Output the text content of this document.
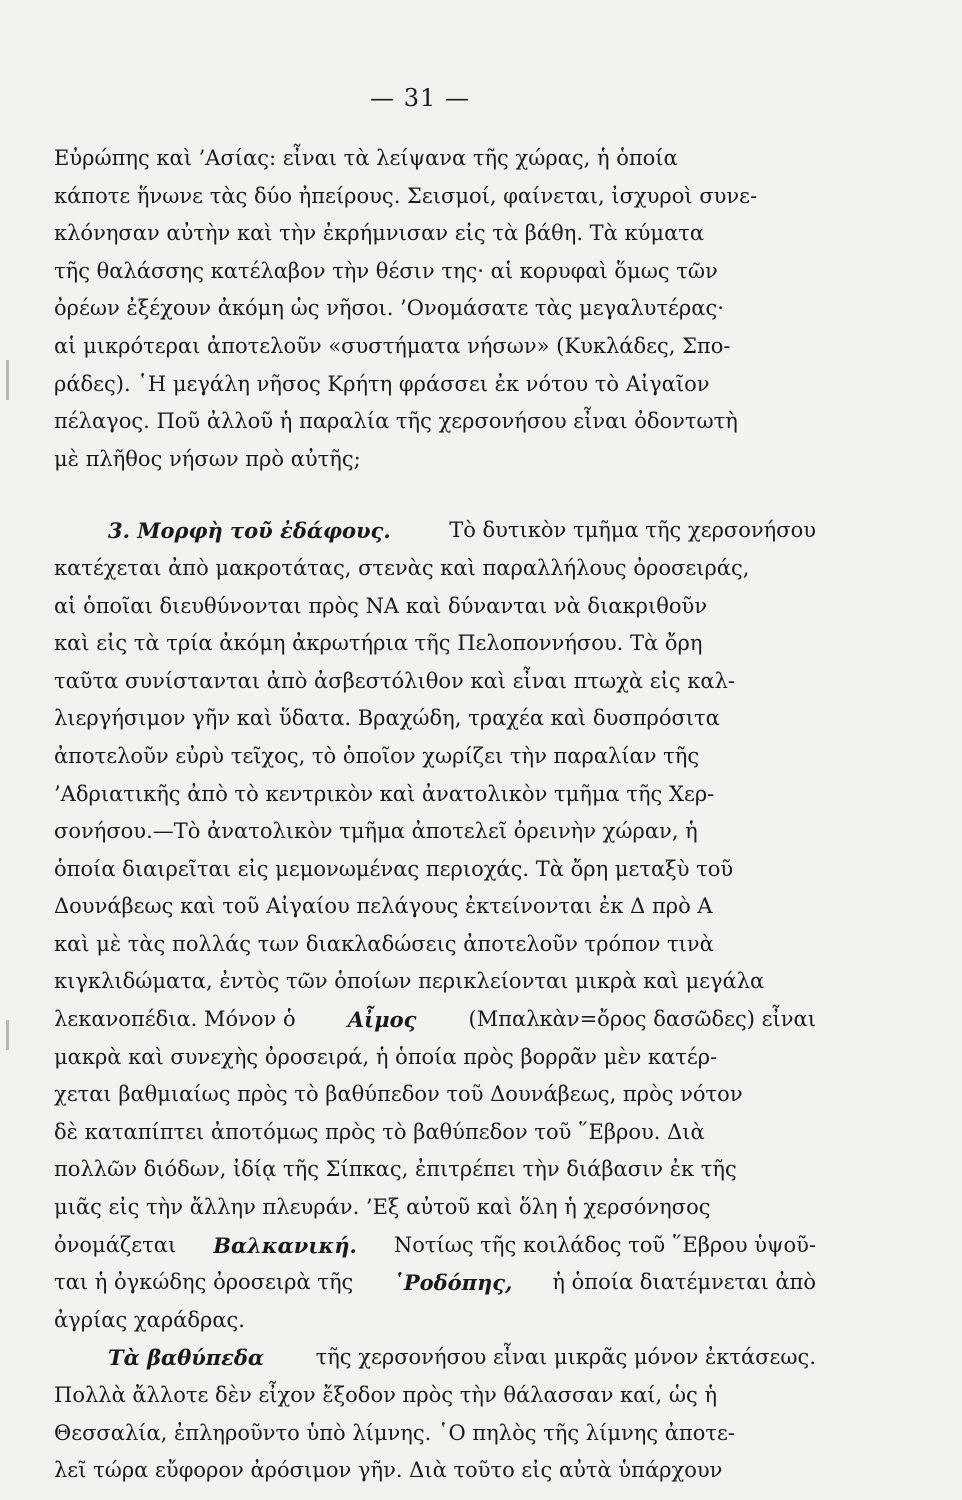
— 31 —
Εὐρώπης καὶ ’Ασίας: εἶναι τὰ λείψανα τῆς χώρας, ἡ ὁποία
κάποτε ἥνωνε τὰς δύο ἠπείρους. Σεισμοί, φαίνεται, ἰσχυροὶ συνε-
κλόνησαν αὐτὴν καὶ τὴν ἐκρήμνισαν εἰς τὰ βάθη. Τὰ κύματα
τῆς θαλάσσης κατέλαβον τὴν θέσιν της· αἱ κορυφαὶ ὅμως τῶν
ὀρέων ἐξέχουν ἀκόμη ὡς νῆσοι. ’Ονομάσατε τὰς μεγαλυτέρας·
αἱ μικρότεραι ἀποτελοῦν «συστήματα νήσων» (Κυκλάδες, Σπο-
ράδες). ῾Η μεγάλη νῆσος Κρήτη φράσσει ἐκ νότου τὸ Αἰγαῖον
πέλαγος. Ποῦ ἀλλοῦ ἡ παραλία τῆς χερσονήσου εἶναι ὀδοντωτὴ
μὲ πλῆθος νήσων πρὸ αὐτῆς;
3. Μορφὴ τοῦ ἐδάφους.	Τὸ δυτικὸν τμῆμα τῆς χερσονήσου
κατέχεται ἀπὸ μακροτάτας, στενὰς καὶ παραλλήλους ὀροσειράς,
αἱ ὁποῖαι διευθύνονται πρὸς ΝΑ καὶ δύνανται νὰ διακριθοῦν
καὶ εἰς τὰ τρία ἀκόμη ἀκρωτήρια τῆς Πελοποννήσου. Τὰ ὄρη
ταῦτα συνίστανται ἀπὸ ἀσβεστόλιθον καὶ εἶναι πτωχὰ εἰς καλ-
λιεργήσιμον γῆν καὶ ὕδατα. Βραχώδη, τραχέα καὶ δυσπρόσιτα
ἀποτελοῦν εὐρὺ τεῖχος, τὸ ὁποῖον χωρίζει τὴν παραλίαν τῆς
’Αδριατικῆς ἀπὸ τὸ κεντρικὸν καὶ ἀνατολικὸν τμῆμα τῆς Χερ-
σονήσου.—Τὸ ἀνατολικὸν τμῆμα ἀποτελεῖ ὀρεινὴν χώραν, ἡ
ὁποία διαιρεῖται εἰς μεμονωμένας περιοχάς. Τὰ ὄρη μεταξὺ τοῦ
Δουνάβεως καὶ τοῦ Αἰγαίου πελάγους ἐκτείνονται ἐκ Δ πρὸ Α
καὶ μὲ τὰς πολλάς των διακλαδώσεις ἀποτελοῦν τρόπον τινὰ
κιγκλιδώματα, ἐντὸς τῶν ὁποίων περικλείονται μικρὰ καὶ μεγάλα
λεκανοπέδια. Μόνον ὁ Αἶμος (Μπαλκὰν=ὄρος δασῶδες) εἶναι
μακρὰ καὶ συνεχὴς ὀροσειρά, ἡ ὁποία πρὸς βορρᾶν μὲν κατέρ-
χεται βαθμιαίως πρὸς τὸ βαθύπεδον τοῦ Δουνάβεως, πρὸς νότον
δὲ καταπίπτει ἀποτόμως πρὸς τὸ βαθύπεδον τοῦ ῞Εβρου. Διὰ
πολλῶν διόδων, ἰδίᾳ τῆς Σίπκας, ἐπιτρέπει τὴν διάβασιν ἐκ τῆς
μιᾶς εἰς τὴν ἄλλην πλευράν. ’Εξ αὐτοῦ καὶ ὅλη ἡ χερσόνησος
ὀνομάζεται Βαλκανική. Νοτίως τῆς κοιλάδος τοῦ ῞Εβρου ὑψοῦ-
ται ἡ ὀγκώδης ὀροσειρὰ τῆς ῾Ροδόπης, ἡ ὁποία διατέμνεται ἀπὸ
ἀγρίας χαράδρας.
Τὰ βαθύπεδα τῆς χερσονήσου εἶναι μικρᾶς μόνον ἐκτάσεως.
Πολλὰ ἄλλοτε δὲν εἶχον ἔξοδον πρὸς τὴν θάλασσαν καί, ὡς ἡ
Θεσσαλία, ἐπληροῦντο ὑπὸ λίμνης. ῾Ο πηλὸς τῆς λίμνης ἀποτε-
λεῖ τώρα εὔφορον ἀρόσιμον γῆν. Διὰ τοῦτο εἰς αὐτὰ ὑπάρχουν
